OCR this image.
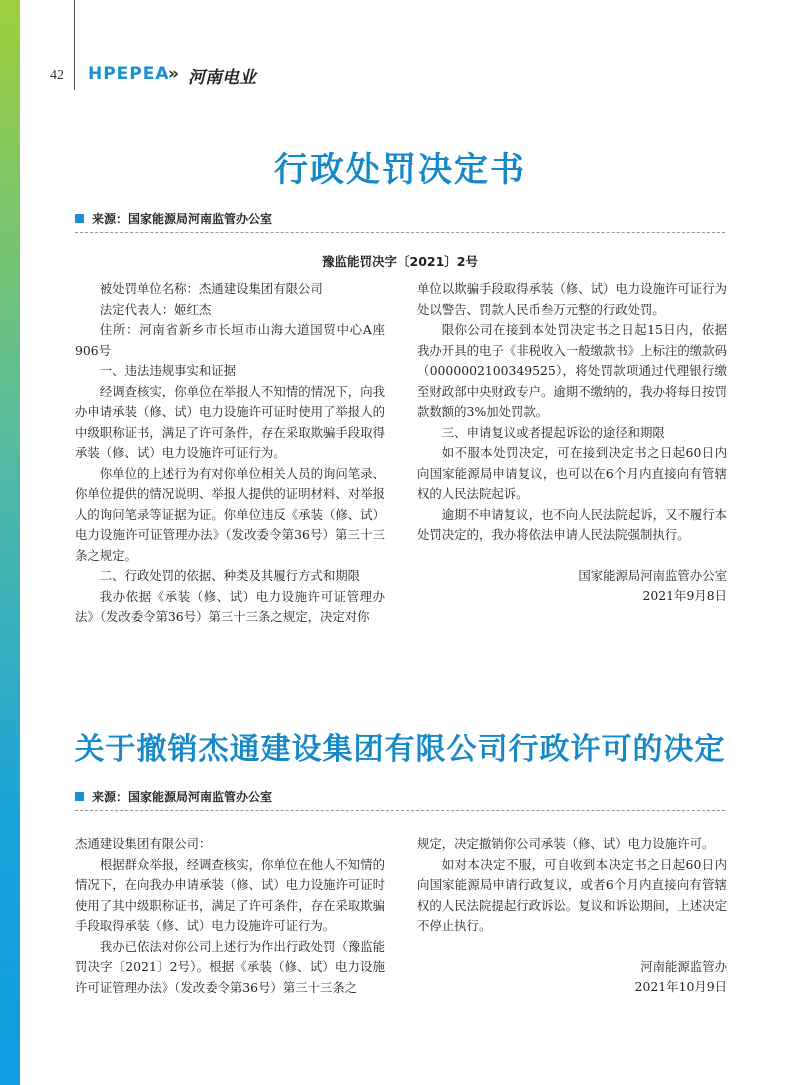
42 HPEPEA
» 河南电业
行政处罚决定书
来源：国家能源局河南监管办公室
豫监能罚决字〔2021〕2号

被处罚单位名称：杰通建设集团有限公司

法定代表人：姬红杰

住所：河南省新乡市长垣市山海大道国贸中心A座906号

一、违法违规事实和证据

经调查核实，你单位在举报人不知情的情况下，向我办申请承装（修、试）电力设施许可证时使用了举报人的中级职称证书，满足了许可条件，存在采取欺骗手段取得承装（修、试）电力设施许可证行为。

你单位的上述行为有对你单位相关人员的询问笔录、你单位提供的情况说明、举报人提供的证明材料、对举报人的询问笔录等证据为证。你单位违反《承装（修、试）电力设施许可证管理办法》（发改委令第36号）第三十三条之规定。

二、行政处罚的依据、种类及其履行方式和期限

我办依据《承装（修、试）电力设施许可证管理办法》（发改委令第36号）第三十三条之规定，决定对你

单位以欺骗手段取得承装（修、试）电力设施许可证行为处以警告、罚款人民币叁万元整的行政处罚。

限你公司在接到本处罚决定书之日起15日内，依据我办开具的电子《非税收入一般缴款书》上标注的缴款码（0000002100349525），将处罚款项通过代理银行缴至财政部中央财政专户。逾期不缴纳的，我办将每日按罚款数额的3%加处罚款。

三、申请复议或者提起诉讼的途径和期限

如不服本处罚决定，可在接到决定书之日起60日内向国家能源局申请复议，也可以在6个月内直接向有管辖权的人民法院起诉。

逾期不申请复议，也不向人民法院起诉，又不履行本处罚决定的，我办将依法申请人民法院强制执行。

国家能源局河南监管办公室

2021年9月8日

关于撤销杰通建设集团有限公司行政许可的决定
来源：国家能源局河南监管办公室

杰通建设集团有限公司：

根据群众举报，经调查核实，你单位在他人不知情的情况下，在向我办申请承装（修、试）电力设施许可证时使用了其中级职称证书，满足了许可条件，存在采取欺骗手段取得承装（修、试）电力设施许可证行为。

我办已依法对你公司上述行为作出行政处罚（豫监能罚决字〔2021〕2号）。根据《承装（修、试）电力设施许可证管理办法》（发改委令第36号）第三十三条之

规定，决定撤销你公司承装（修、试）电力设施许可。

如对本决定不服，可自收到本决定书之日起60日内向国家能源局申请行政复议，或者6个月内直接向有管辖权的人民法院提起行政诉讼。复议和诉讼期间，上述决定不停止执行。

河南能源监管办

2021年10月9日
